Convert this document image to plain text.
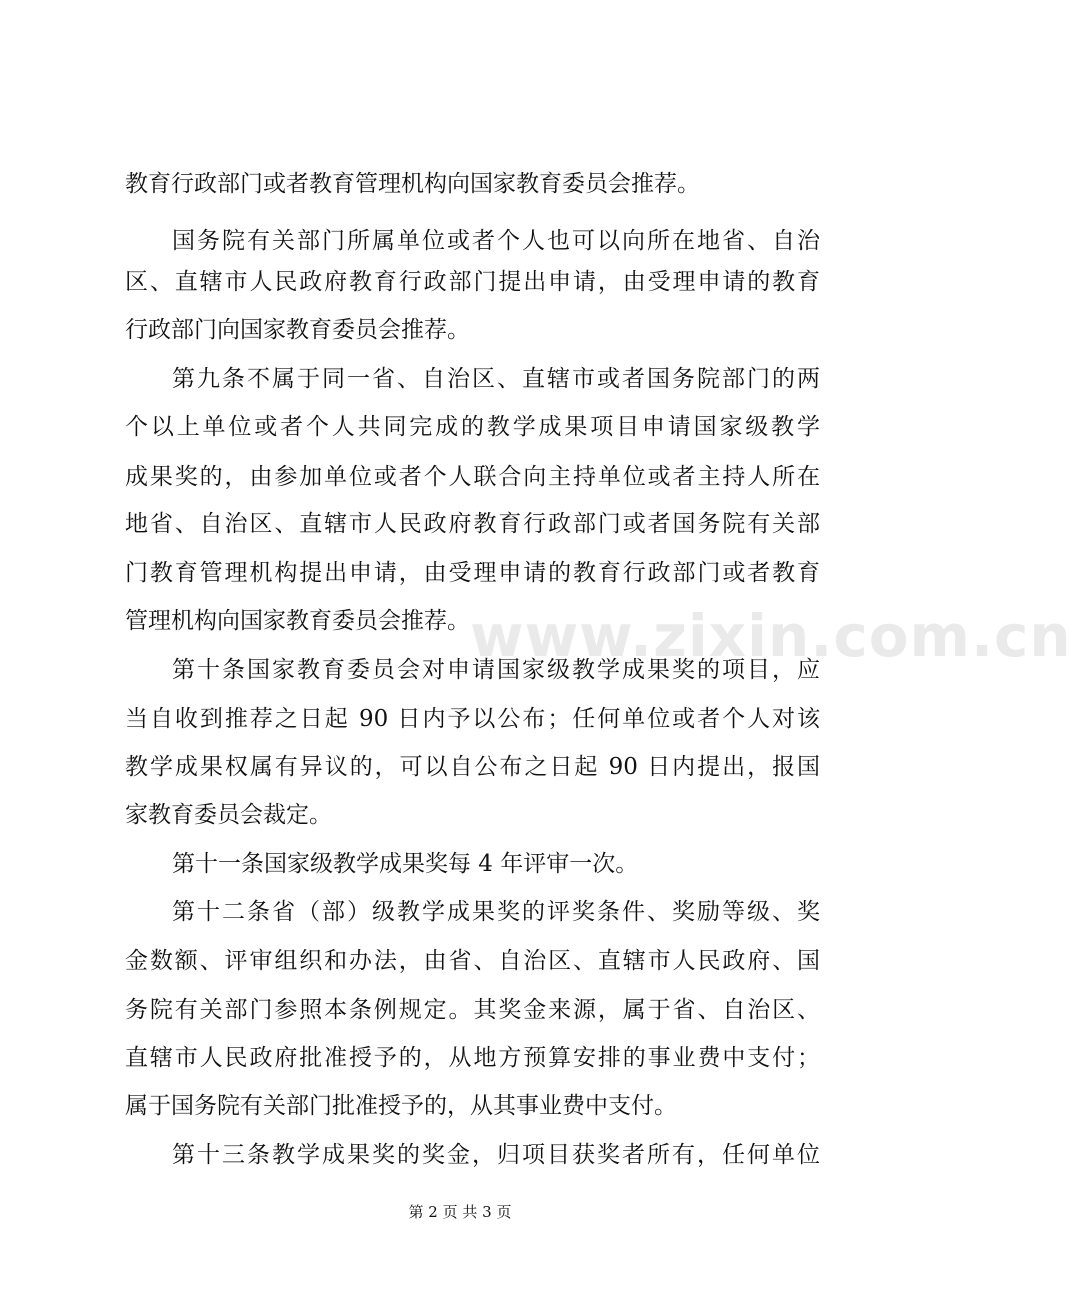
www.zixin.com.cn
教育行政部门或者教育管理机构向国家教育委员会推荐。
国务院有关部门所属单位或者个人也可以向所在地省、自治
区、直辖市人民政府教育行政部门提出申请，由受理申请的教育
行政部门向国家教育委员会推荐。
第九条不属于同一省、自治区、直辖市或者国务院部门的两
个以上单位或者个人共同完成的教学成果项目申请国家级教学
成果奖的，由参加单位或者个人联合向主持单位或者主持人所在
地省、自治区、直辖市人民政府教育行政部门或者国务院有关部
门教育管理机构提出申请，由受理申请的教育行政部门或者教育
管理机构向国家教育委员会推荐。
第十条国家教育委员会对申请国家级教学成果奖的项目，应
当自收到推荐之日起 90 日内予以公布；任何单位或者个人对该
教学成果权属有异议的，可以自公布之日起 90 日内提出，报国
家教育委员会裁定。
第十一条国家级教学成果奖每 4 年评审一次。
第十二条省（部）级教学成果奖的评奖条件、奖励等级、奖
金数额、评审组织和办法，由省、自治区、直辖市人民政府、国
务院有关部门参照本条例规定。其奖金来源，属于省、自治区、
直辖市人民政府批准授予的，从地方预算安排的事业费中支付；
属于国务院有关部门批准授予的，从其事业费中支付。
第十三条教学成果奖的奖金，归项目获奖者所有，任何单位
第 2 页 共 3 页
